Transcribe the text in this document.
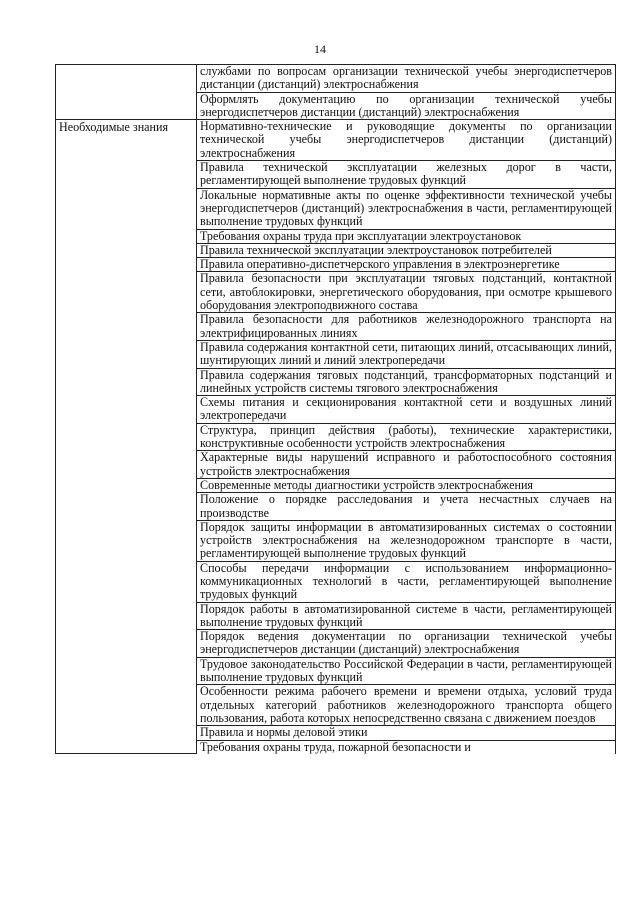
14
	службами по вопросам организации технической учебы энергодиспетчеров дистанции (дистанций) электроснабжения
	Оформлять документацию по организации технической учебы энергодиспетчеров дистанции (дистанций) электроснабжения
Необходимые знания	Нормативно-технические и руководящие документы по организации технической учебы энергодиспетчеров дистанции (дистанций) электроснабжения
	Правила технической эксплуатации железных дорог в части, регламентирующей выполнение трудовых функций
	Локальные нормативные акты по оценке эффективности технической учебы энергодиспетчеров (дистанций) электроснабжения в части, регламентирующей выполнение трудовых функций
	Требования охраны труда при эксплуатации электроустановок
	Правила технической эксплуатации электроустановок потребителей
	Правила оперативно-диспетчерского управления в электроэнергетике
	Правила безопасности при эксплуатации тяговых подстанций, контактной сети, автоблокировки, энергетического оборудования, при осмотре крышевого оборудования электроподвижного состава
	Правила безопасности для работников железнодорожного транспорта на электрифицированных линиях
	Правила содержания контактной сети, питающих линий, отсасывающих линий, шунтирующих линий и линий электропередачи
	Правила содержания тяговых подстанций, трансформаторных подстанций и линейных устройств системы тягового электроснабжения
	Схемы питания и секционирования контактной сети и воздушных линий электропередачи
	Структура, принцип действия (работы), технические характеристики, конструктивные особенности устройств электроснабжения
	Характерные виды нарушений исправного и работоспособного состояния устройств электроснабжения
	Современные методы диагностики устройств электроснабжения
	Положение о порядке расследования и учета несчастных случаев на производстве
	Порядок защиты информации в автоматизированных системах о состоянии устройств электроснабжения на железнодорожном транспорте в части, регламентирующей выполнение трудовых функций
	Способы передачи информации с использованием информационно-коммуникационных технологий в части, регламентирующей выполнение трудовых функций
	Порядок работы в автоматизированной системе в части, регламентирующей выполнение трудовых функций
	Порядок ведения документации по организации технической учебы энергодиспетчеров дистанции (дистанций) электроснабжения
	Трудовое законодательство Российской Федерации в части, регламентирующей выполнение трудовых функций
	Особенности режима рабочего времени и времени отдыха, условий труда отдельных категорий работников железнодорожного транспорта общего пользования, работа которых непосредственно связана с движением поездов
	Правила и нормы деловой этики
	Требования охраны труда, пожарной безопасности и
